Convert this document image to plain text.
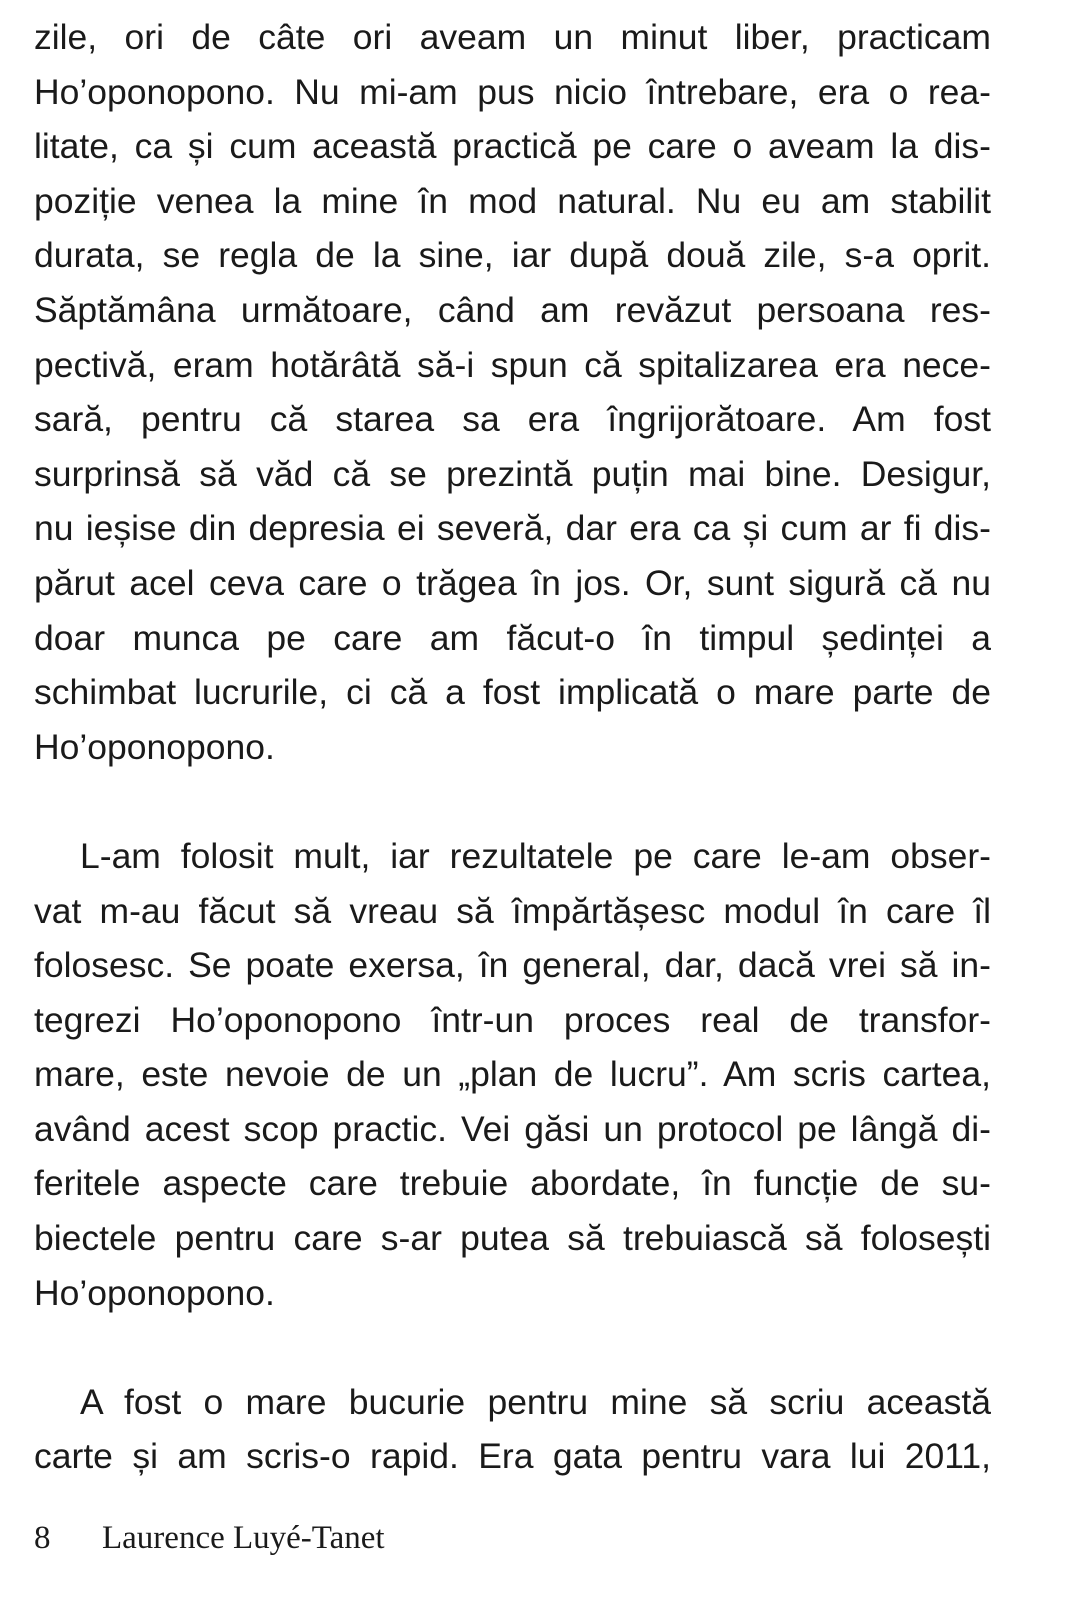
zile, ori de câte ori aveam un minut liber, practicam
Ho’oponopono. Nu mi-am pus nicio întrebare, era o rea-
litate, ca și cum această practică pe care o aveam la dis-
poziție venea la mine în mod natural. Nu eu am stabilit
durata, se regla de la sine, iar după două zile, s-a oprit.
Săptămâna următoare, când am revăzut persoana res-
pectivă, eram hotărâtă să-i spun că spitalizarea era nece-
sară, pentru că starea sa era îngrijorătoare. Am fost
surprinsă să văd că se prezintă puțin mai bine. Desigur,
nu ieșise din depresia ei severă, dar era ca și cum ar fi dis-
părut acel ceva care o trăgea în jos. Or, sunt sigură că nu
doar munca pe care am făcut-o în timpul ședinței a
schimbat lucrurile, ci că a fost implicată o mare parte de
Ho’oponopono.
L-am folosit mult, iar rezultatele pe care le-am obser-
vat m-au făcut să vreau să împărtășesc modul în care îl
folosesc. Se poate exersa, în general, dar, dacă vrei să in-
tegrezi Ho’oponopono într-un proces real de transfor-
mare, este nevoie de un „plan de lucru”. Am scris cartea,
având acest scop practic. Vei găsi un protocol pe lângă di-
feritele aspecte care trebuie abordate, în funcție de su-
biectele pentru care s-ar putea să trebuiască să folosești
Ho’oponopono.
A fost o mare bucurie pentru mine să scriu această
carte și am scris-o rapid. Era gata pentru vara lui 2011,
8 Laurence Luyé-Tanet
